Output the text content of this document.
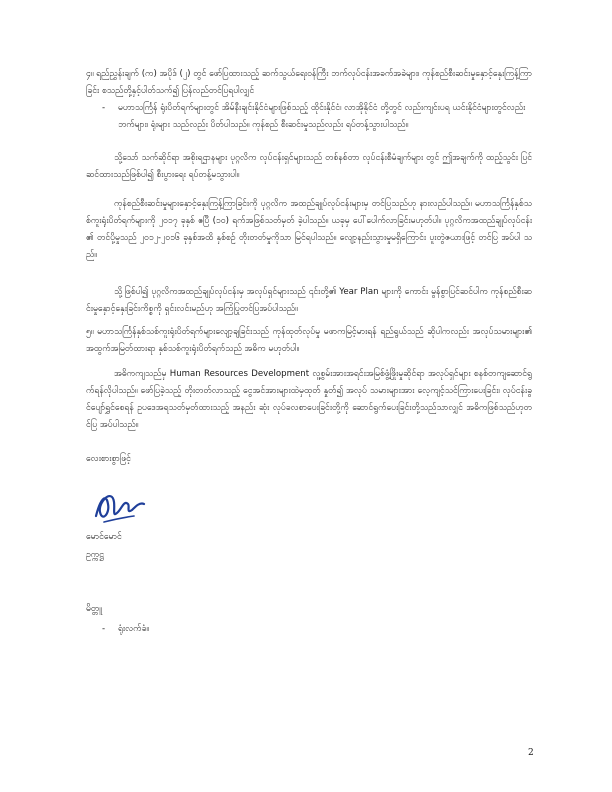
၄။ ရည်ညွှန်းချက် (က) အပိုဒ် (၂) တွင် ဖော်ပြထားသည့် ဆက်သွယ်ရေးဝန်ကြီး ဘက်လုပ်ငန်းအခက်အခဲများ၊ ကုန်စည်စီးဆင်းမှုနှောင့်နှေးကြန့်ကြာခြင်း စသည်တို့နှင့်ပါတ်သက်၍ ပြန်လည်တင်ပြရပါလျှင်
- မဟာသင်္ကြန် ရုံးပိတ်ရက်များတွင် အိမ်နီးချင်းနိုင်ငံများဖြစ်သည့် ထိုင်းနိုင်ငံ၊ လာအိုနိုင်ငံ တို့တွင် လည်းကျင်းပရ ယင်းနိုင်ငံများတွင်လည်း ဘက်များ၊ ရုံးများ သည်လည်း ပိတ်ပါသည်။ ကုန်စည် စီးဆင်းမှုသည်လည်း ရပ်တန့်သွားပါသည်။
သို့သော် သက်ဆိုင်ရာ အစိုးရဌာနများ ပုဂ္ဂလိက လုပ်ငန်းရှင်များသည် တစ်နစ်တာ လုပ်ငန်းစီမံချက်များ တွင် ဤအချက်ကို ထည့်သွင်း ပြင်ဆင်ထားသည်ဖြစ်ပါ၍ စီးပွားရေး ရပ်တန့်မသွားပါ။
ကုန်စည်စီးဆင်းမှုများနှောင့်နှေးကြန့်ကြာခြင်းကို ပုဂ္ဂလိက အထည်ချုပ်လုပ်ငန်းများမှ တင်ပြသည်ဟု နားလည်ပါသည်။ မဟာသင်္ကြန်နှစ်သစ်ကူးရုံးပိတ်ရက်များကို ၂၀၁၇ ခုနှစ် ဧပြီ (၁၀) ရက်အဖြစ်သတ်မှတ် ခဲ့ပါသည်။ ယခုမှ ပေါ်ပေါက်လာခြင်းမဟုတ်ပါ။ ပုဂ္ဂလိကအထည်ချုပ်လုပ်ငန်း၏ တင်ပို့မှုသည် ၂၀၁၂-၂၀၁၆ ခုနှစ်အထိ နှစ်စဉ် တိုးတတ်မှုကိုသာ မြင်ရပါသည်။ လျော့နည်းသွားမှုမရှိကြောင်း ပူးတွဲဇယားဖြင့် တင်ပြ အပ်ပါ သည်။
သို့ဖြစ်ပါ၍ ပုဂ္ဂလိကအထည်ချုပ်လုပ်ငန်းမှ အလုပ်ရှင်များသည် ၎င်းတို့၏ Year Plan များကို ကောင်း မွန်စွာပြင်ဆင်ပါက ကုန်စည်စီးဆင်းမှုနှောင့်နှေးခြင်းကိစ္စကို ရှင်းလင်းမည်ဟု အကြံပြုတင်ပြအပ်ပါသည်။
၅။ မဟာသင်္ကြန်နှစ်သစ်ကူးရုံးပိတ်ရက်များလျော့ချခြင်းသည် ကုန်ထုတ်လုပ်မှု မဖာကမြင့်မားရန် ရည်ရွယ်သည် ဆိုပါကလည်း အလုပ်သမားများ၏ အထွက်အမြတ်ထားရာ နှစ်သစ်ကူးရုံးပိတ်ရက်သည် အဓိက မဟုတ်ပါ။
အဓိကကျသည်မှ Human Resources Development လူ့စွမ်းအားအရင်းအမြစ်ဖွံ့ဖြိုးမှုဆိုင်ရာ အလုပ်ရှင်များ စနစ်တကျဆောင်ရွက်ရန်လိုပါသည်။ ဖော်ပြခဲ့သည့် တိုးတတ်လာသည့် ငွေအင်အားများထဲမှထုတ် နှုတ်၍ အလုပ် သမားများအား လေ့ကျင့်သင်ကြားပေးခြင်း၊ လုပ်ငန်းခွင်ပျော်ရွှင်စေရန် ဥပဒေအရသတ်မှတ်ထားသည့် အနည်း ဆုံး လုပ်ခလစာပေးခြင်းတို့ကို ဆောင်ရွက်ပေးခြင်းတို့သည်သာလျှင် အဓိကဖြစ်သည်ဟုတင်ပြ အပ်ပါသည်။
လေးစားစွာဖြင့်
မောင်မောင်
ဥက္ကဋ္ဌ
မိတ္တူ
- ရုံးလက်ခံ။
2
